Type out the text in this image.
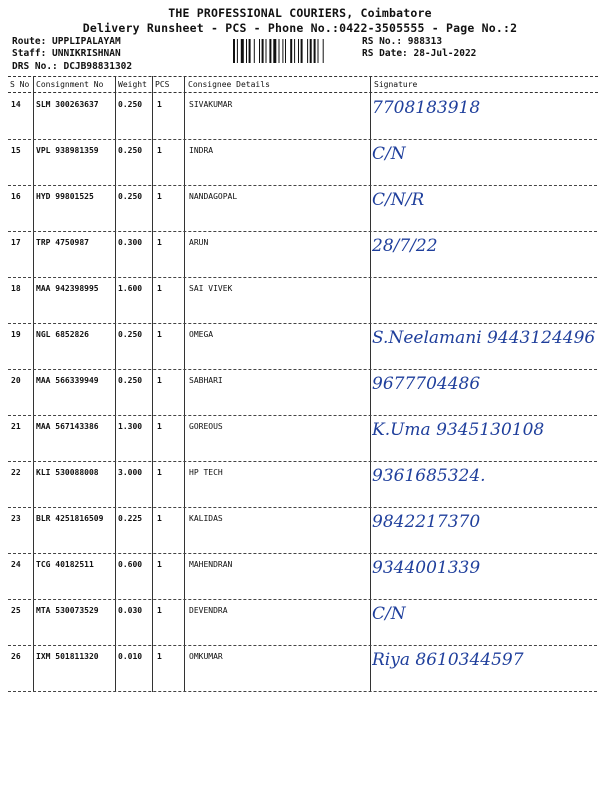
THE PROFESSIONAL COURIERS, Coimbatore
Delivery Runsheet - PCS - Phone No.:0422-3505555 - Page No.:2
Route: UPPLIPALAYAM
Staff: UNNIKRISHNAN
DRS No.: DCJB98831302
RS No.: 988313
RS Date: 28-Jul-2022
S No Consignment No Weight PCS Consignee Details	Signature
14 SLM 300263637 0.250 1	SIVAKUMAR	7708183918
15 VPL 938981359 0.250 1	INDRA	C/N
16 HYD 99801525	0.250 1	NANDAGOPAL	C/N/R
17 TRP 4750987	0.300 1	ARUN	28/7/22
18 MAA 942398995 1.600 1	SAI VIVEK
19 NGL 6852826	0.250 1	OMEGA	S.Neelamani 9443124496
20 MAA 566339949 0.250 1	SABHARI	9677704486
21 MAA 567143386 1.300 1	GOREOUS	K.Uma 9345130108
22 KLI 530088008 3.000 1	HP TECH	9361685324.
23 BLR 4251816509 0.225 1	KALIDAS	9842217370
24 TCG 40182511	0.600 1	MAHENDRAN	9344001339
25 MTA 530073529 0.030 1	DEVENDRA	C/N
26 IXM 501811320 0.010 1	OMKUMAR	Riya 8610344597
